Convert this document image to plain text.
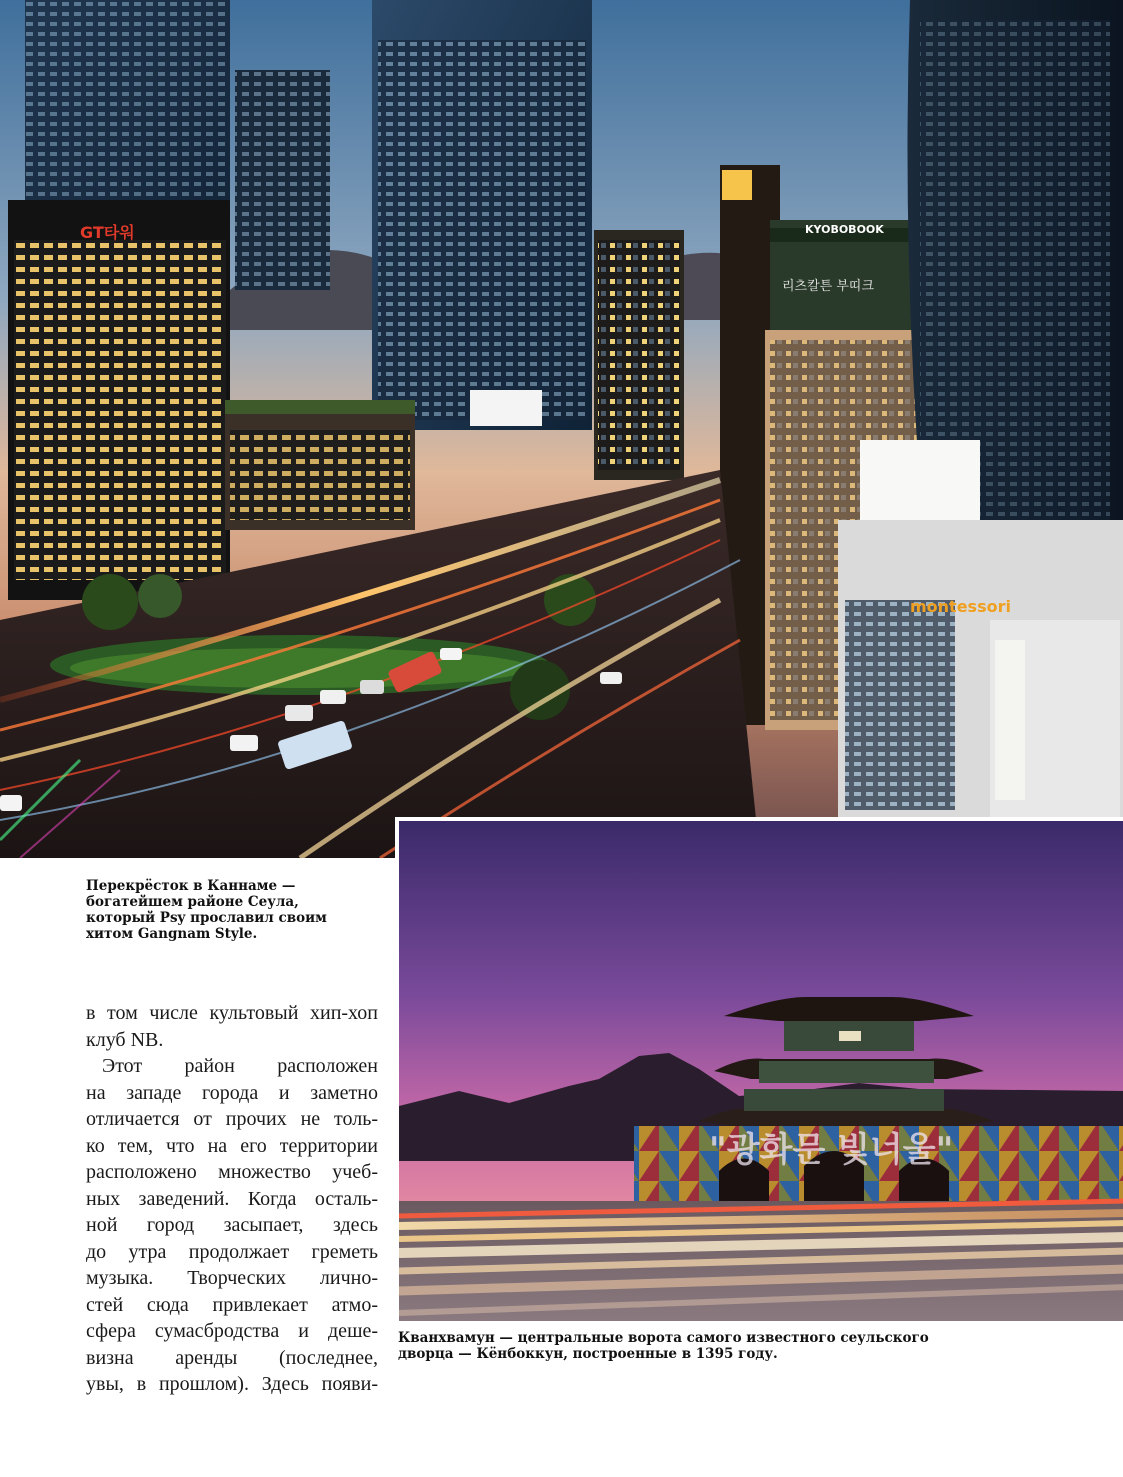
GT타워	KYOBOBOOK
리츠칼튼 부띠크
montessori
Перекрёсток в Каннаме —
богатейшем районе Сеула,
который Psy прославил своим
хитом Gangnam Style.

в том числе культовый хип-хоп
клуб NB.
Этот район расположен
на западе города и заметно
отличается от прочих не толь-
ко тем, что на его территории
расположено множество учеб-
ных заведений. Когда осталь-
ной город засыпает, здесь
до утра продолжает греметь
музыка. Творческих лично-
стей сюда привлекает атмо-
сфера сумасбродства и деше-
визна аренды (последнее,
увы, в прошлом). Здесь появи-

"광화문 빛너울"
Кванхвамун — центральные ворота самого известного сеульского
дворца — Кёнбоккун, построенные в 1395 году.
